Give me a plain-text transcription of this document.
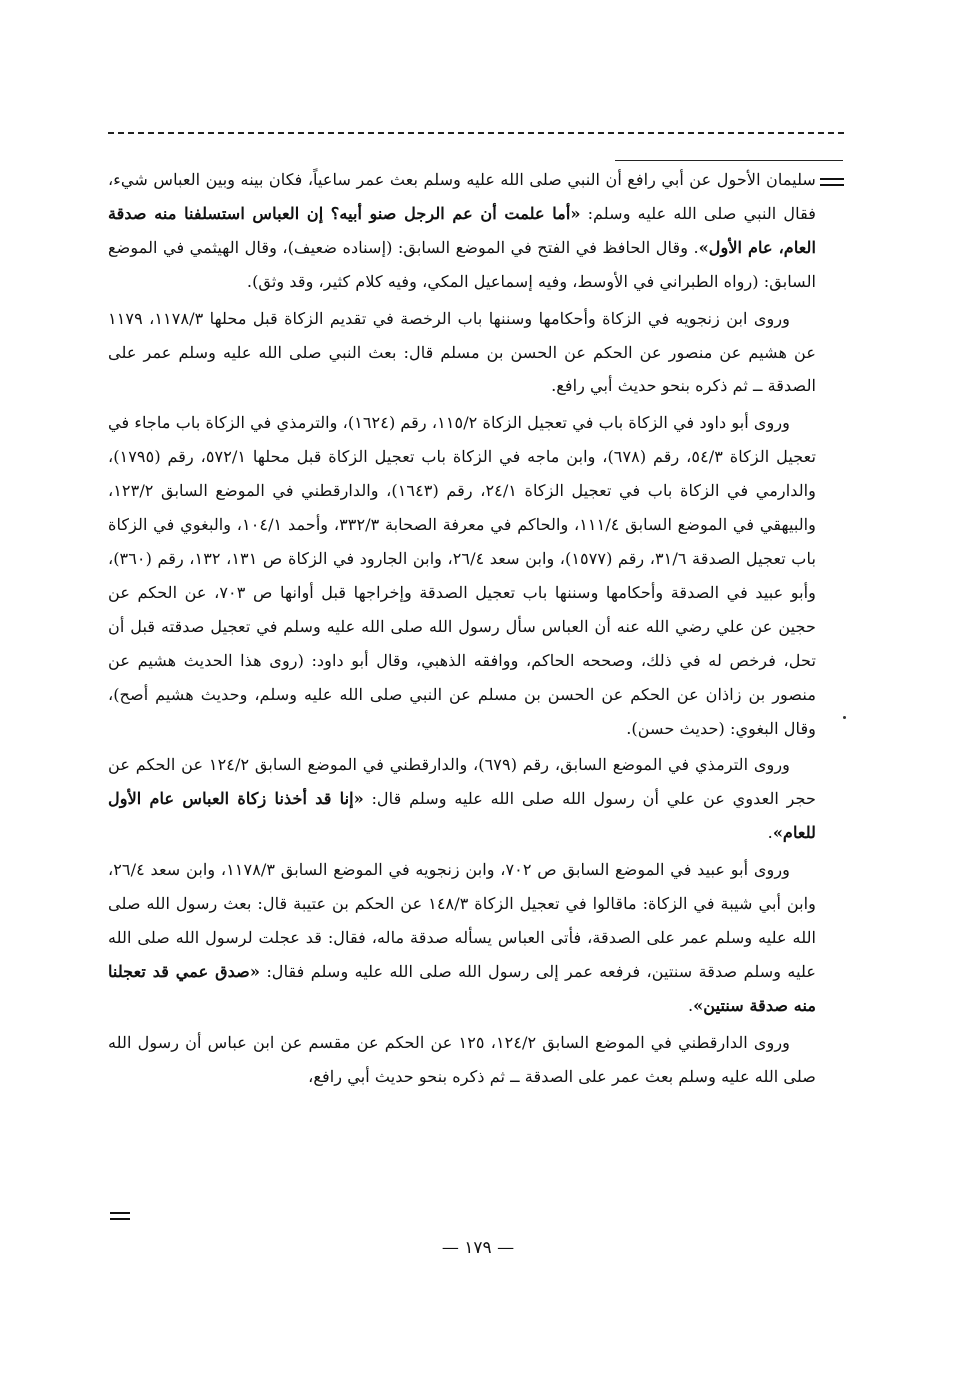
سليمان الأحول عن أبي رافع أن النبي صلى الله عليه وسلم بعث عمر ساعياً، فكان بينه وبين العباس شيء، فقال النبي صلى الله عليه وسلم: «أما علمت أن عم الرجل صنو أبيه؟ إن العباس استسلفنا منه صدقة العام، عام الأول». وقال الحافظ في الفتح في الموضع السابق: (إسناده ضعيف)، وقال الهيثمي في الموضع السابق: (رواه الطبراني في الأوسط، وفيه إسماعيل المكي، وفيه كلام كثير، وقد وثق).

وروى ابن زنجويه في الزكاة وأحكامها وسننها باب الرخصة في تقديم الزكاة قبل محلها ١١٧٨/٣، ١١٧٩ عن هشيم عن منصور عن الحكم عن الحسن بن مسلم قال: بعث النبي صلى الله عليه وسلم عمر على الصدقة ــ ثم ذكره بنحو حديث أبي رافع.

وروى أبو داود في الزكاة باب في تعجيل الزكاة ١١٥/٢، رقم (١٦٢٤)، والترمذي في الزكاة باب ماجاء في تعجيل الزكاة ٥٤/٣، رقم (٦٧٨)، وابن ماجه في الزكاة باب تعجيل الزكاة قبل محلها ٥٧٢/١، رقم (١٧٩٥)، والدارمي في الزكاة باب في تعجيل الزكاة ٢٤/١، رقم (١٦٤٣)، والدارقطني في الموضع السابق ١٢٣/٢، والبيهقي في الموضع السابق ١١١/٤، والحاكم في معرفة الصحابة ٣٣٢/٣، وأحمد ١٠٤/١، والبغوي في الزكاة باب تعجيل الصدقة ٣١/٦، رقم (١٥٧٧)، وابن سعد ٢٦/٤، وابن الجارود في الزكاة ص ١٣١، ١٣٢، رقم (٣٦٠)، وأبو عبيد في الصدقة وأحكامها وسننها باب تعجيل الصدقة وإخراجها قبل أوانها ص ٧٠٣، عن الحكم عن حجين عن علي رضي الله عنه أن العباس سأل رسول الله صلى الله عليه وسلم في تعجيل صدقته قبل أن تحل، فرخص له في ذلك، وصححه الحاكم، ووافقه الذهبي، وقال أبو داود: (روى هذا الحديث هشيم عن منصور بن زاذان عن الحكم عن الحسن بن مسلم عن النبي صلى الله عليه وسلم، وحديث هشيم أصح)، وقال البغوي: (حديث حسن).

وروى الترمذي في الموضع السابق، رقم (٦٧٩)، والدارقطني في الموضع السابق ١٢٤/٢ عن الحكم عن حجر العدوي عن علي أن رسول الله صلى الله عليه وسلم قال: «إنا قد أخذنا زكاة العباس عام الأول للعام».

وروى أبو عبيد في الموضع السابق ص ٧٠٢، وابن زنجويه في الموضع السابق ١١٧٨/٣، وابن سعد ٢٦/٤، وابن أبي شيبة في الزكاة: ماقالوا في تعجيل الزكاة ١٤٨/٣ عن الحكم بن عتيبة قال: بعث رسول الله صلى الله عليه وسلم عمر على الصدقة، فأتى العباس يسأله صدقة ماله، فقال: قد عجلت لرسول الله صلى الله عليه وسلم صدقة سنتين، فرفعه عمر إلى رسول الله صلى الله عليه وسلم فقال: «صدق عمي قد تعجلنا منه صدقة سنتين».

وروى الدارقطني في الموضع السابق ١٢٤/٢، ١٢٥ عن الحكم عن مقسم عن ابن عباس أن رسول الله صلى الله عليه وسلم بعث عمر على الصدقة ــ ثم ذكره بنحو حديث أبي رافع،

— ١٧٩ —
